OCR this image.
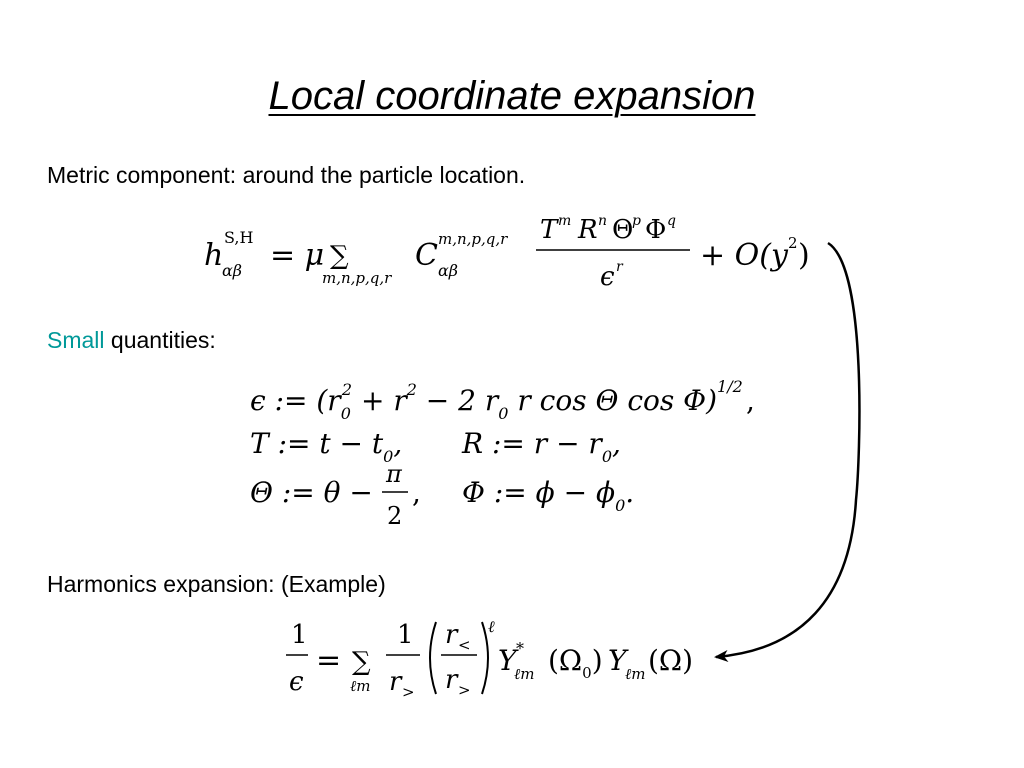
Local coordinate expansion
Metric component: around the particle location.
Small quantities:
Harmonics expansion: (Example)
h
S,H
αβ = μ ∑
m,n,p,q,r
C m,n,p,q,r
αβ
T m R n Θ
p Φ q
ϵ r	+ O(y 2 )
ϵ := ($r_02 + r^2 - 2$ $r_0$ r cos Θ cos Φ)$^{1/2}$ ,
T := $t - t_0$, R := $r - r_0$,
Θ := θ −
π
2
, Φ := $\phi - \phi_0$.
1
ϵ
= ∑
ℓm
1
r >
r <
r >
ℓ
Y *
ℓm $(\Omega_0)$ Y
ℓm (Ω)
